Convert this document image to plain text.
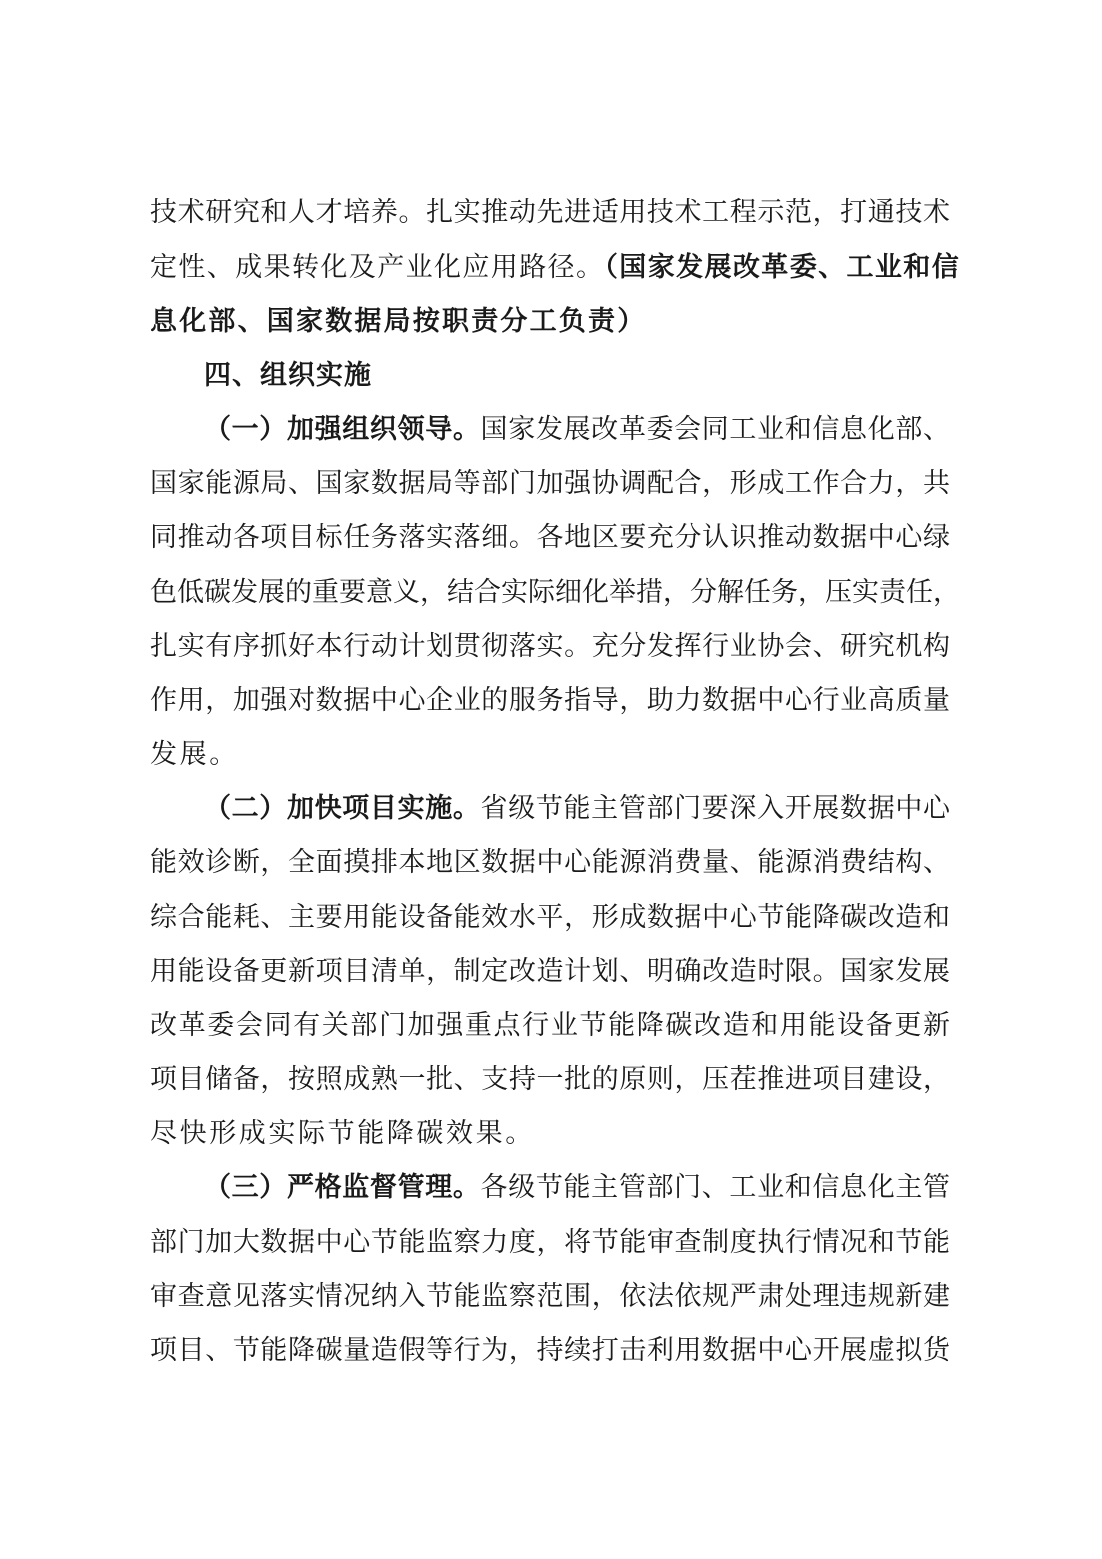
技术研究和人才培养。扎实推动先进适用技术工程示范，打通技术
定性、成果转化及产业化应用路径。（国家发展改革委、工业和信
息化部、国家数据局按职责分工负责）
四、组织实施
（一）加强组织领导。国家发展改革委会同工业和信息化部、
国家能源局、国家数据局等部门加强协调配合，形成工作合力，共
同推动各项目标任务落实落细。各地区要充分认识推动数据中心绿
色低碳发展的重要意义，结合实际细化举措，分解任务，压实责任，
扎实有序抓好本行动计划贯彻落实。充分发挥行业协会、研究机构
作用，加强对数据中心企业的服务指导，助力数据中心行业高质量
发展。
（二）加快项目实施。省级节能主管部门要深入开展数据中心
能效诊断，全面摸排本地区数据中心能源消费量、能源消费结构、
综合能耗、主要用能设备能效水平，形成数据中心节能降碳改造和
用能设备更新项目清单，制定改造计划、明确改造时限。国家发展
改革委会同有关部门加强重点行业节能降碳改造和用能设备更新
项目储备，按照成熟一批、支持一批的原则，压茬推进项目建设，
尽快形成实际节能降碳效果。
（三）严格监督管理。各级节能主管部门、工业和信息化主管
部门加大数据中心节能监察力度，将节能审查制度执行情况和节能
审查意见落实情况纳入节能监察范围，依法依规严肃处理违规新建
项目、节能降碳量造假等行为，持续打击利用数据中心开展虚拟货
